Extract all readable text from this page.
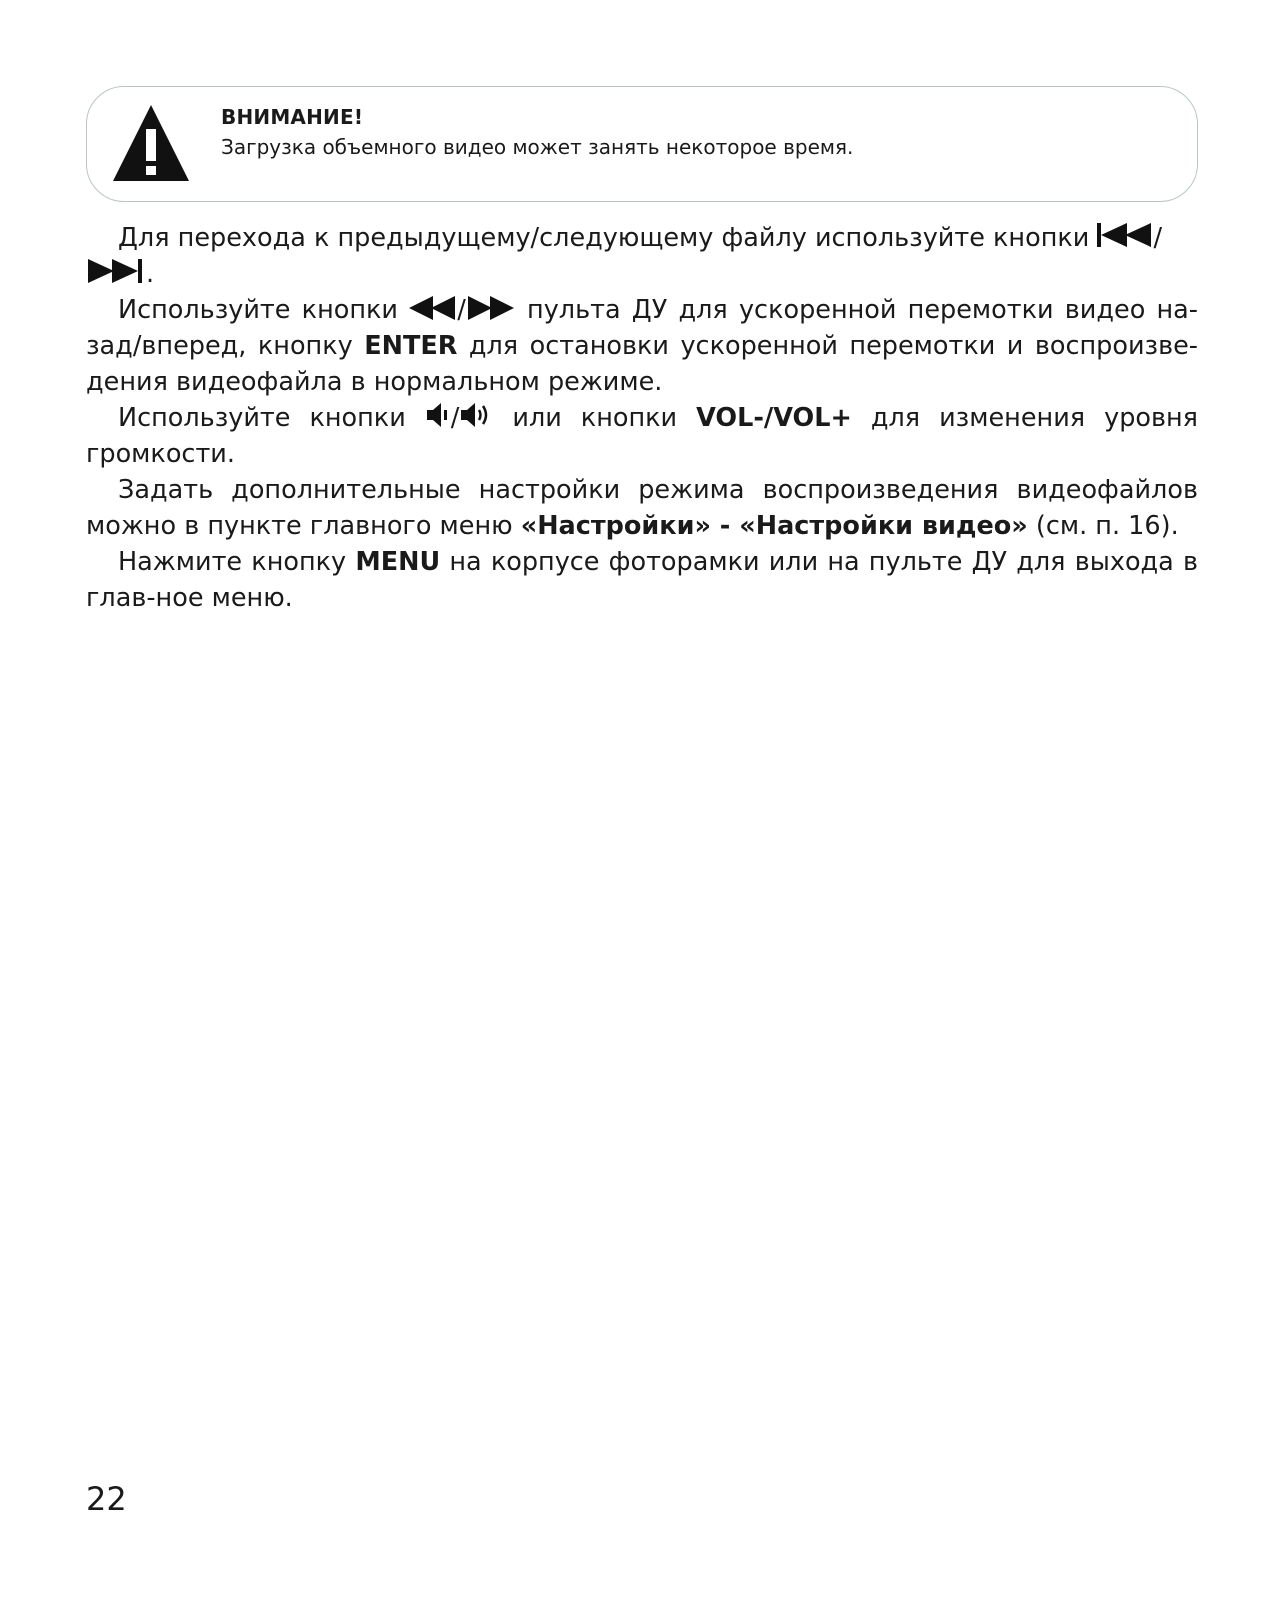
ВНИМАНИЕ!
Загрузка объемного видео может занять некоторое время.

Для перехода к предыдущему/следующему файлу используйте кнопки	/.

Используйте кнопки / пульта ДУ для ускоренной перемотки видео на-зад/вперед, кнопку ENTER для остановки ускоренной перемотки и воспроизве-дения видеофайла в нормальном режиме.

Используйте кнопки / или кнопки VOL-/VOL+ для изменения уровня громкости.

Задать дополнительные настройки режима воспроизведения видеофайлов можно в пункте главного меню «Настройки» - «Настройки видео» (см. п. 16).

Нажмите кнопку MENU на корпусе фоторамки или на пульте ДУ для выхода в глав-ное меню.

22
